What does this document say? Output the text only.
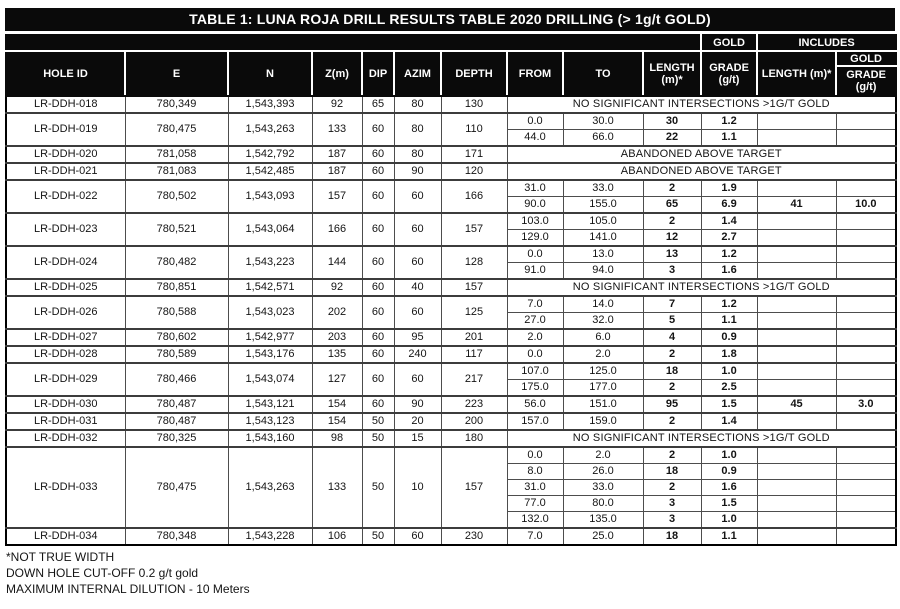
TABLE 1: LUNA ROJA DRILL RESULTS TABLE 2020 DRILLING (> 1g/t GOLD)
										GOLD	INCLUDES	
HOLE ID	E	N	Z(m)	DIP	AZIM	DEPTH	FROM	TO	LENGTH (m)*	GRADE (g/t)	LENGTH (m)*	GOLD
												GRADE (g/t)
LR-DDH-018	780,349	1,543,393	92	65	80	130	NO SIGNIFICANT INTERSECTIONS >1G/T GOLD					
LR-DDH-019	780,475	1,543,263	133	60	80	110	0.0	30.0	30	1.2		
							44.0	66.0	22	1.1		
LR-DDH-020	781,058	1,542,792	187	60	80	171	ABANDONED ABOVE TARGET					
LR-DDH-021	781,083	1,542,485	187	60	90	120	ABANDONED ABOVE TARGET					
LR-DDH-022	780,502	1,543,093	157	60	60	166	31.0	33.0	2	1.9		
							90.0	155.0	65	6.9	41	10.0
LR-DDH-023	780,521	1,543,064	166	60	60	157	103.0	105.0	2	1.4		
							129.0	141.0	12	2.7		
LR-DDH-024	780,482	1,543,223	144	60	60	128	0.0	13.0	13	1.2		
							91.0	94.0	3	1.6		
LR-DDH-025	780,851	1,542,571	92	60	40	157	NO SIGNIFICANT INTERSECTIONS >1G/T GOLD					
LR-DDH-026	780,588	1,543,023	202	60	60	125	7.0	14.0	7	1.2		
							27.0	32.0	5	1.1		
LR-DDH-027	780,602	1,542,977	203	60	95	201	2.0	6.0	4	0.9		
LR-DDH-028	780,589	1,543,176	135	60	240	117	0.0	2.0	2	1.8		
LR-DDH-029	780,466	1,543,074	127	60	60	217	107.0	125.0	18	1.0		
							175.0	177.0	2	2.5		
LR-DDH-030	780,487	1,543,121	154	60	90	223	56.0	151.0	95	1.5	45	3.0
LR-DDH-031	780,487	1,543,123	154	50	20	200	157.0	159.0	2	1.4		
LR-DDH-032	780,325	1,543,160	98	50	15	180	NO SIGNIFICANT INTERSECTIONS >1G/T GOLD					
LR-DDH-033	780,475	1,543,263	133	50	10	157	0.0	2.0	2	1.0		
							8.0	26.0	18	0.9		
							31.0	33.0	2	1.6		
							77.0	80.0	3	1.5		
							132.0	135.0	3	1.0		
LR-DDH-034	780,348	1,543,228	106	50	60	230	7.0	25.0	18	1.1		
*NOT TRUE WIDTH
DOWN HOLE CUT-OFF 0.2 g/t gold
MAXIMUM INTERNAL DILUTION - 10 Meters
